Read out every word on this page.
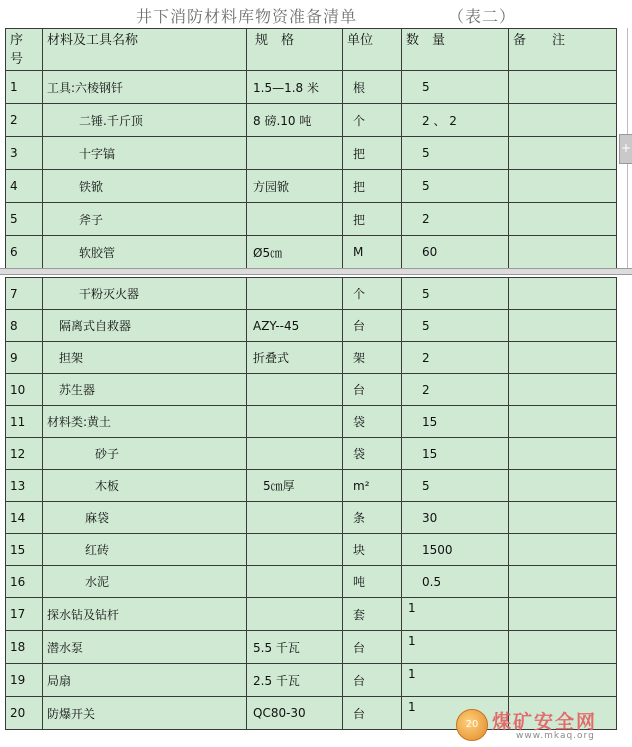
井下消防材料库物资准备清单	（表二）
序
号	材料及工具名称	规　格	单位	数　量	备　　注
1	工具:六棱钢钎	1.5—1.8 米	根	5	
2	二锤.千斤顶	8 磅.10 吨	个	2 、 2	
3	十字镐		把	5	
4	铁锨	方园锨	把	5	
5	斧子		把	2	
6	软胶管	Ø5㎝	M	60	
+
7	干粉灭火器		个	5	
8	隔离式自救器	AZY--45	台	5	
9	担架	折叠式	架	2	
10	苏生器		台	2	
11	材料类:黄土		袋	15	
12	砂子		袋	15	
13	木板	5㎝厚	m²	5	
14	麻袋		条	30	
15	红砖		块	1500	
16	水泥		吨	0.5	
17	探水钻及钻杆		套	1	
18	潜水泵	5.5 千瓦	台	1	
19	局扇	2.5 千瓦	台	1	
20	防爆开关	QC80-30	台	1	
20 煤矿安全网
www.mkaq.org
